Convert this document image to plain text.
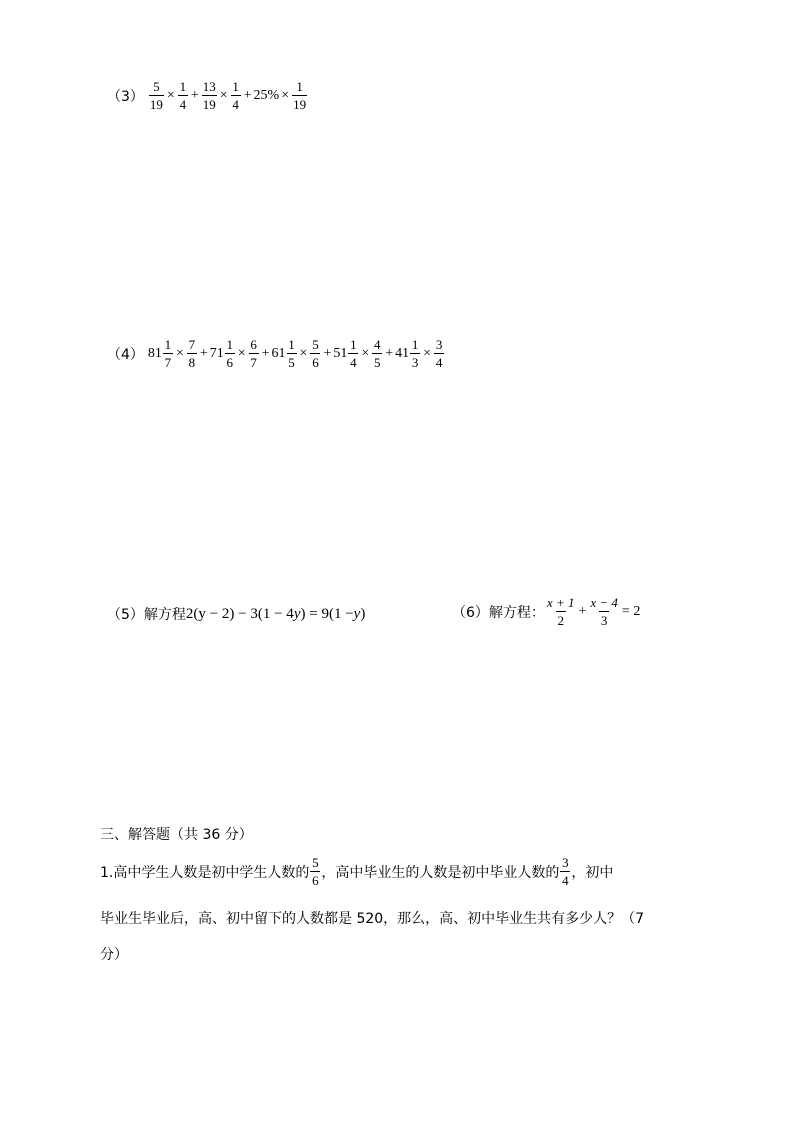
$(3) \frac{5}{19} \times \frac{1}{4} + \frac{13}{19} \times \frac{1}{4} + 25\% \times \frac{1}{19}$
（4） $81 \frac{1}{7} \times \frac{7}{8} + 71 \frac{1}{6} \times \frac{6}{7} + 61 \frac{1}{5} \times \frac{5}{6} + 51 \frac{1}{4} \times \frac{4}{5} + 41 \frac{1}{3} \times \frac{3}{4}$
（5）解方程 2 (y − 2) − 3 (1 − 4 y ) = 9 (1 − y )	（6）解方程： $\frac{x + 1}{2} + \frac{x - 4}{3} = 2$
三、解答题（共 36 分）
1.高中学生人数是初中学生人数的 $\frac{5}{6}$ ，高中毕业生的人数是初中毕业人数的 $\frac{3}{4}$ ，初中
毕业生毕业后，高、初中留下的人数都是 520，那么，高、初中毕业生共有多少人？（7
分）
